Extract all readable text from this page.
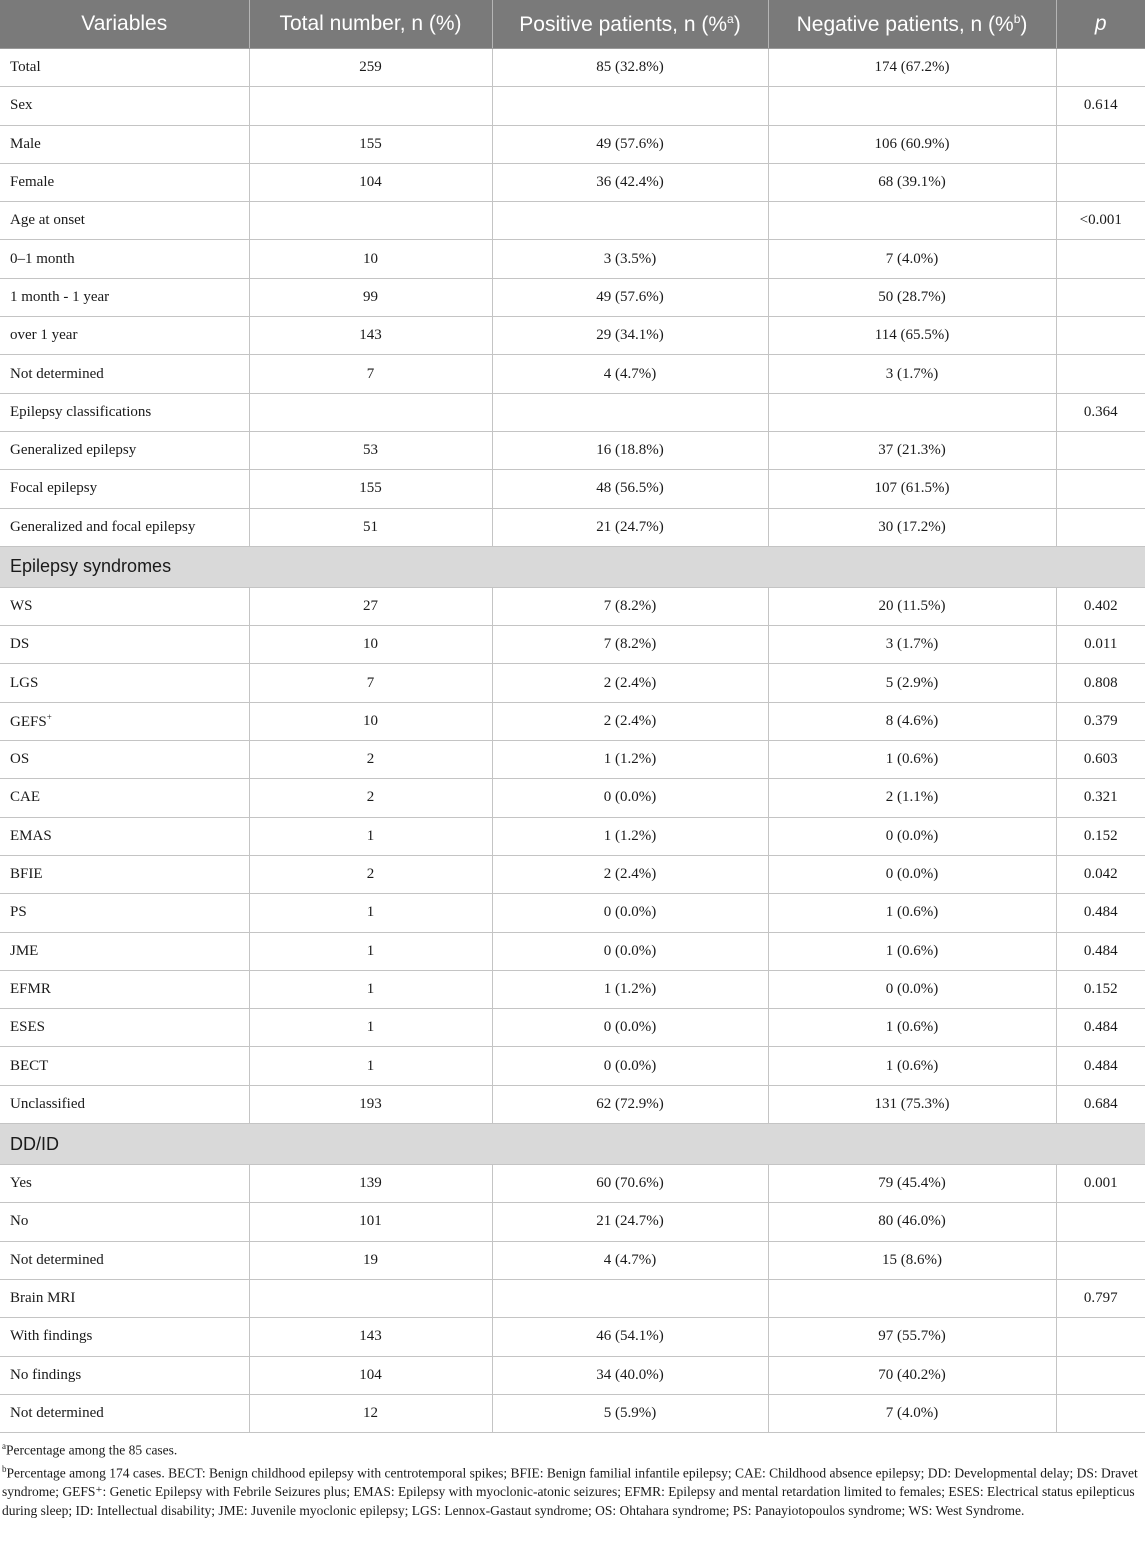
Variables	Total number, n (%)	Positive patients, n (%$^a$)	Negative patients, n (%$^b$)	p
Total	259	85 (32.8%)	174 (67.2%)	
Sex				0.614
Male	155	49 (57.6%)	106 (60.9%)	
Female	104	36 (42.4%)	68 (39.1%)	
Age at onset				<0.001
0–1 month	10	3 (3.5%)	7 (4.0%)	
1 month - 1 year	99	49 (57.6%)	50 (28.7%)	
over 1 year	143	29 (34.1%)	114 (65.5%)	
Not determined	7	4 (4.7%)	3 (1.7%)	
Epilepsy classifications				0.364
Generalized epilepsy	53	16 (18.8%)	37 (21.3%)	
Focal epilepsy	155	48 (56.5%)	107 (61.5%)	
Generalized and focal epilepsy	51	21 (24.7%)	30 (17.2%)	
Epilepsy syndromes				
WS	27	7 (8.2%)	20 (11.5%)	0.402
DS	10	7 (8.2%)	3 (1.7%)	0.011
LGS	7	2 (2.4%)	5 (2.9%)	0.808
GEFS+	10	2 (2.4%)	8 (4.6%)	0.379
OS	2	1 (1.2%)	1 (0.6%)	0.603
CAE	2	0 (0.0%)	2 (1.1%)	0.321
EMAS	1	1 (1.2%)	0 (0.0%)	0.152
BFIE	2	2 (2.4%)	0 (0.0%)	0.042
PS	1	0 (0.0%)	1 (0.6%)	0.484
JME	1	0 (0.0%)	1 (0.6%)	0.484
EFMR	1	1 (1.2%)	0 (0.0%)	0.152
ESES	1	0 (0.0%)	1 (0.6%)	0.484
BECT	1	0 (0.0%)	1 (0.6%)	0.484
Unclassified	193	62 (72.9%)	131 (75.3%)	0.684
DD/ID				
Yes	139	60 (70.6%)	79 (45.4%)	0.001
No	101	21 (24.7%)	80 (46.0%)	
Not determined	19	4 (4.7%)	15 (8.6%)	
Brain MRI				0.797
With findings	143	46 (54.1%)	97 (55.7%)	
No findings	104	34 (40.0%)	70 (40.2%)	
Not determined	12	5 (5.9%)	7 (4.0%)	

$^a$Percentage among the 85 cases.

$^b$Percentage among 174 cases. BECT: Benign childhood epilepsy with centrotemporal spikes; BFIE: Benign familial infantile epilepsy; CAE: Childhood absence epilepsy; DD: Developmental delay; DS: Dravet syndrome; GEFS⁺: Genetic Epilepsy with Febrile Seizures plus; EMAS: Epilepsy with myoclonic-atonic seizures; EFMR: Epilepsy and mental retardation limited to females; ESES: Electrical status epilepticus during sleep; ID: Intellectual disability; JME: Juvenile myoclonic epilepsy; LGS: Lennox-Gastaut syndrome; OS: Ohtahara syndrome; PS: Panayiotopoulos syndrome; WS: West Syndrome.
